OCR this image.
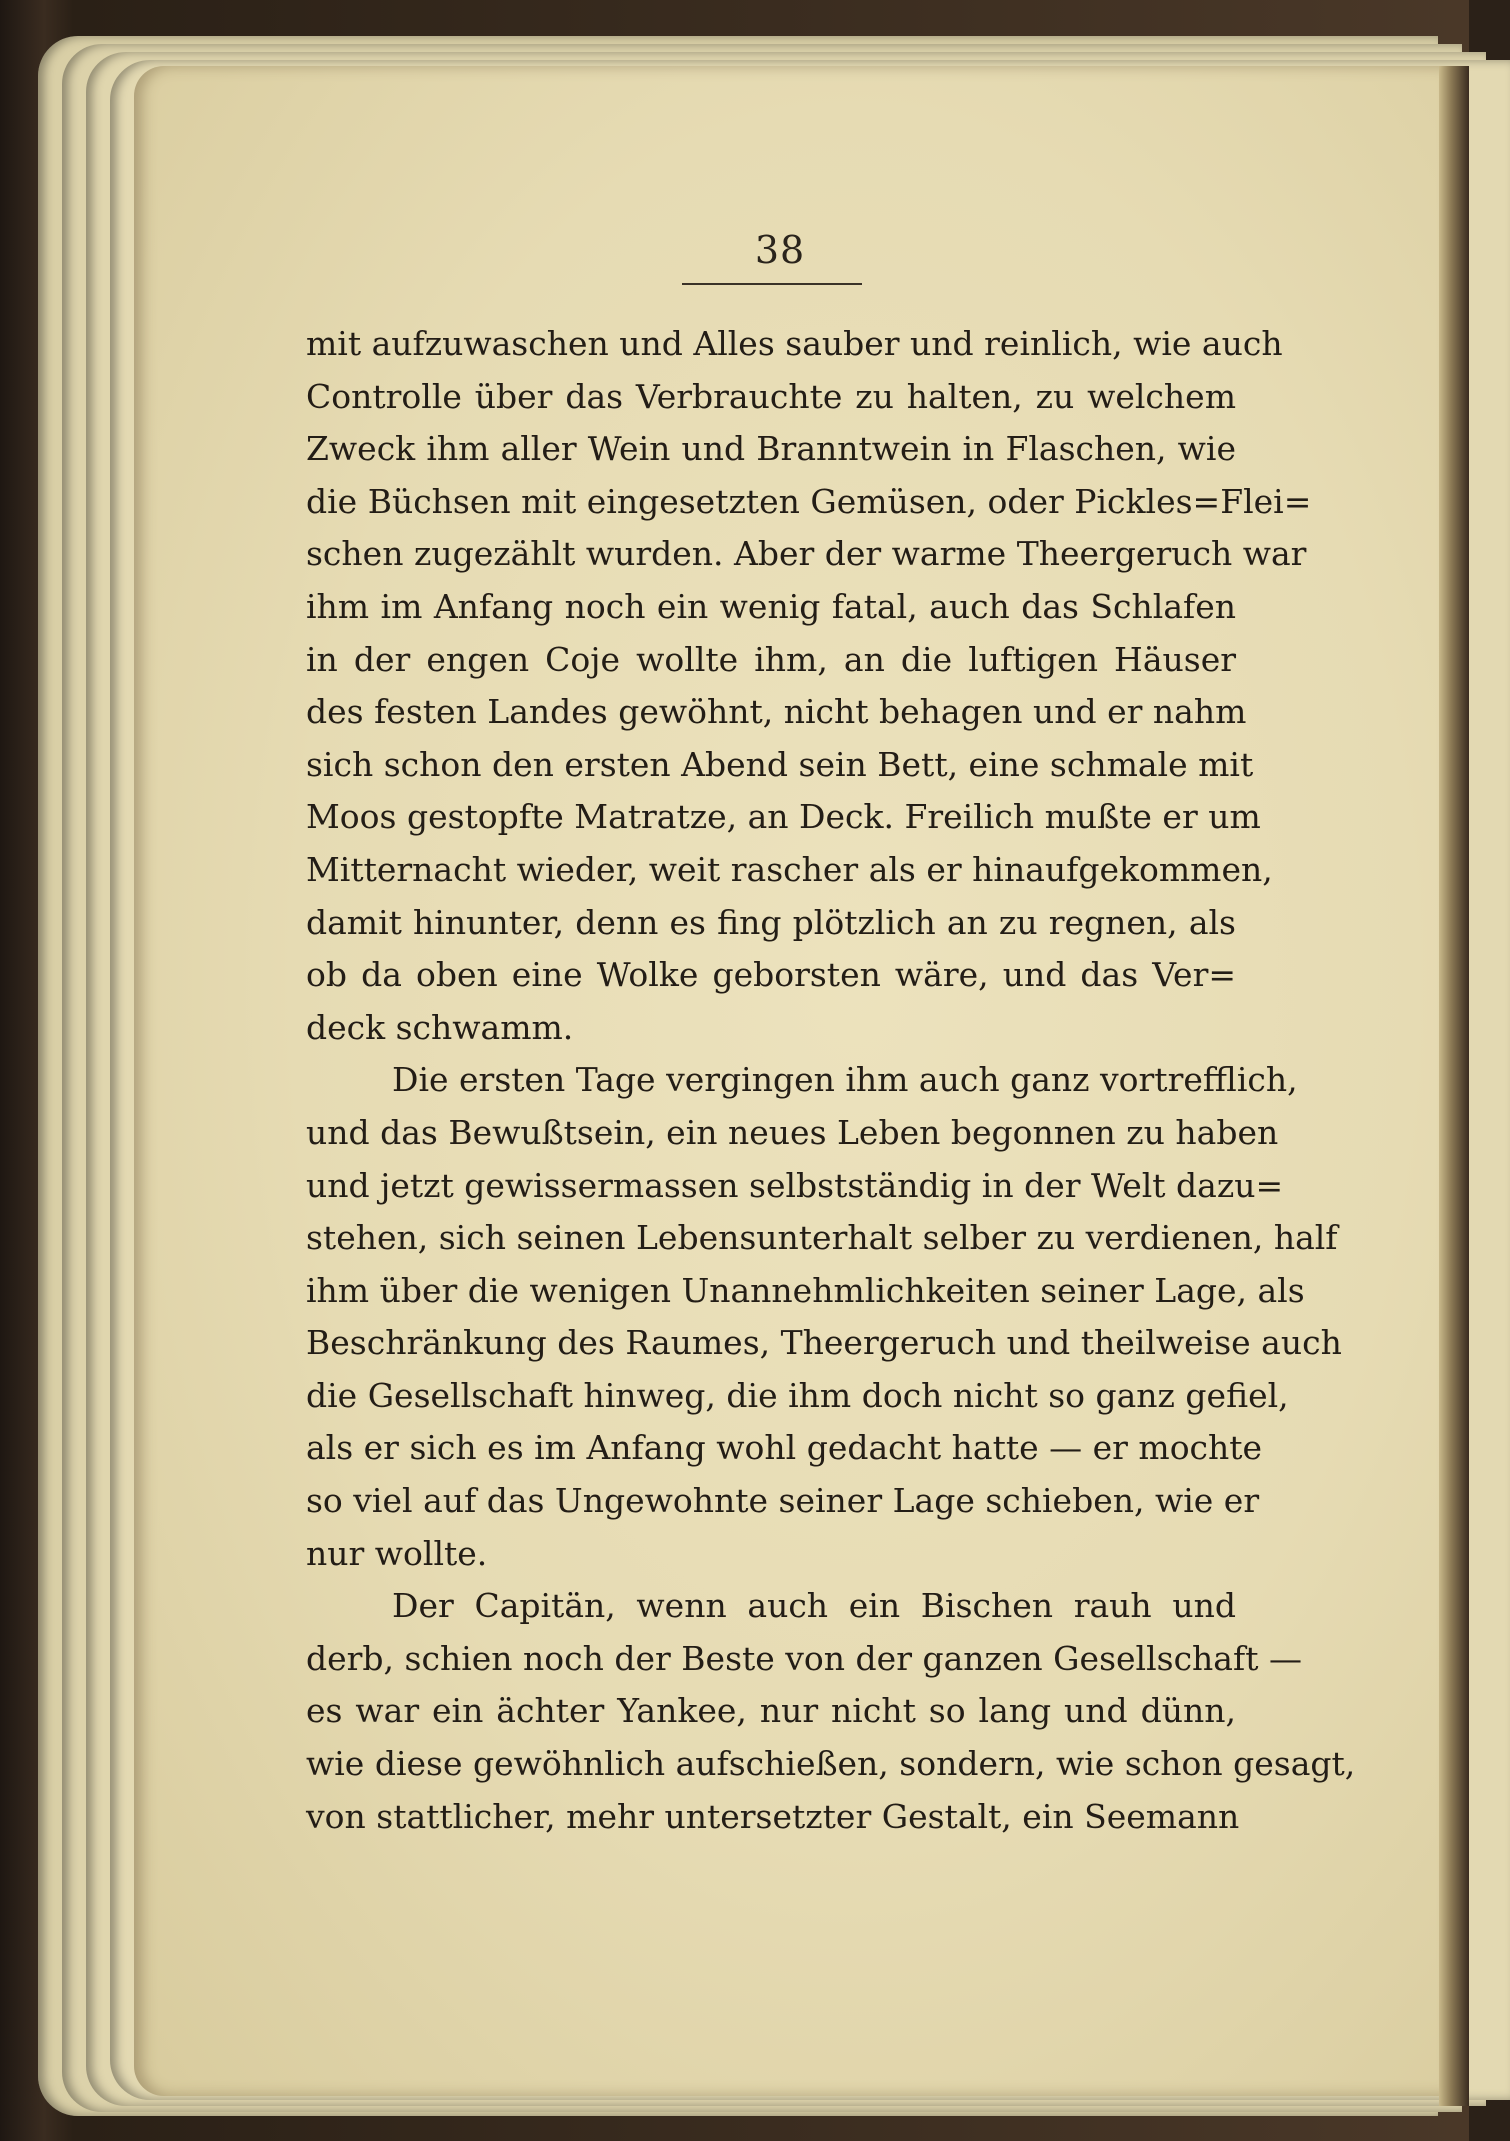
38
mit aufzuwaschen und Alles sauber und reinlich, wie auch
Controlle über das Verbrauchte zu halten, zu welchem
Zweck ihm aller Wein und Branntwein in Flaschen, wie
die Büchsen mit eingesetzten Gemüsen, oder Pickles=Flei=
schen zugezählt wurden. Aber der warme Theergeruch war
ihm im Anfang noch ein wenig fatal, auch das Schlafen
in der engen Coje wollte ihm, an die luftigen Häuser
des festen Landes gewöhnt, nicht behagen und er nahm
sich schon den ersten Abend sein Bett, eine schmale mit
Moos gestopfte Matratze, an Deck. Freilich mußte er um
Mitternacht wieder, weit rascher als er hinaufgekommen,
damit hinunter, denn es fing plötzlich an zu regnen, als
ob da oben eine Wolke geborsten wäre, und das Ver=
deck schwamm.
Die ersten Tage vergingen ihm auch ganz vortrefflich,
und das Bewußtsein, ein neues Leben begonnen zu haben
und jetzt gewissermassen selbstständig in der Welt dazu=
stehen, sich seinen Lebensunterhalt selber zu verdienen, half
ihm über die wenigen Unannehmlichkeiten seiner Lage, als
Beschränkung des Raumes, Theergeruch und theilweise auch
die Gesellschaft hinweg, die ihm doch nicht so ganz gefiel,
als er sich es im Anfang wohl gedacht hatte — er mochte
so viel auf das Ungewohnte seiner Lage schieben, wie er
nur wollte.
Der Capitän, wenn auch ein Bischen rauh und
derb, schien noch der Beste von der ganzen Gesellschaft —
es war ein ächter Yankee, nur nicht so lang und dünn,
wie diese gewöhnlich aufschießen, sondern, wie schon gesagt,
von stattlicher, mehr untersetzter Gestalt, ein Seemann
